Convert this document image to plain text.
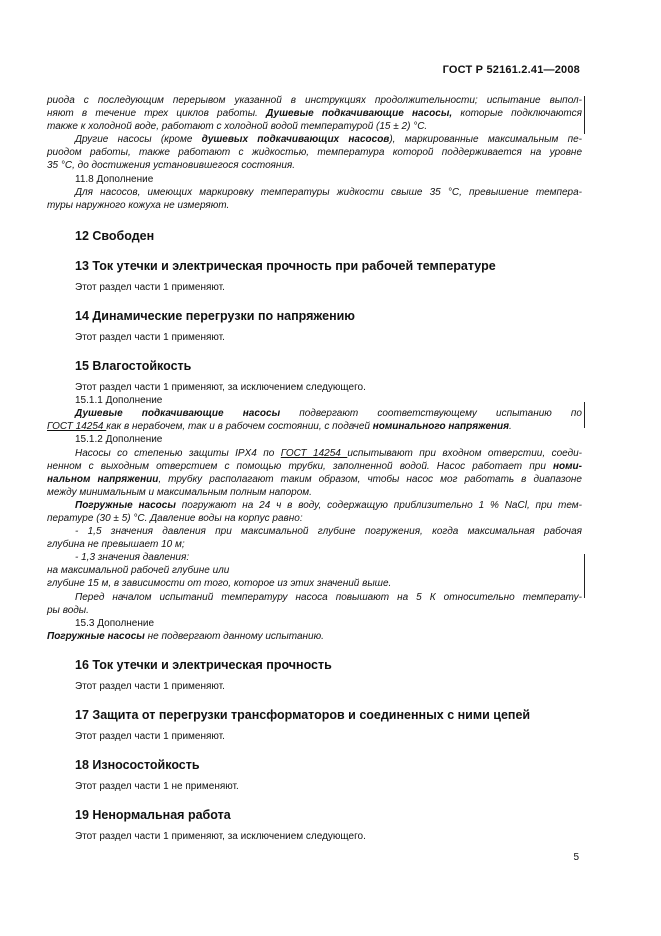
ГОСТ Р 52161.2.41—2008
риода с последующим перерывом указанной в инструкциях продолжительности; испытание выпол-
няют в течение трех циклов работы. Душевые подкачивающие насосы, которые подключаются
также к холодной воде, работают с холодной водой температурой (15 ± 2) °С.
Другие насосы (кроме душевых подкачивающих насосов), маркированные максимальным пе-
риодом работы, также работают с жидкостью, температура которой поддерживается на уровне
35 °С, до достижения установившегося состояния.
11.8 Дополнение
Для насосов, имеющих маркировку температуры жидкости свыше 35 °С, превышение темпера-
туры наружного кожуха не измеряют.
12 Свободен
13 Ток утечки и электрическая прочность при рабочей температуре
Этот раздел части 1 применяют.
14 Динамические перегрузки по напряжению
Этот раздел части 1 применяют.
15 Влагостойкость
Этот раздел части 1 применяют, за исключением следующего.
15.1.1 Дополнение
Душевые подкачивающие насосы подвергают соответствующему испытанию по
ГОСТ 14254 как в нерабочем, так и в рабочем состоянии, с подачей номинального напряжения.
15.1.2 Дополнение
Насосы со степенью защиты IPX4 по ГОСТ 14254 испытывают при входном отверстии, соеди-
ненном с выходным отверстием с помощью трубки, заполненной водой. Насос работает при номи-
нальном напряжении, трубку располагают таким образом, чтобы насос мог работать в диапазоне
между минимальным и максимальным полным напором.
Погружные насосы погружают на 24 ч в воду, содержащую приблизительно 1 % NaCl, при тем-
пературе (30 ± 5) °С. Давление воды на корпус равно:
- 1,5 значения давления при максимальной глубине погружения, когда максимальная рабочая
глубина не превышает 10 м;
- 1,3 значения давления:
на максимальной рабочей глубине или
глубине 15 м, в зависимости от того, которое из этих значений выше.
Перед началом испытаний температуру насоса повышают на 5 К относительно температу-
ры воды.
15.3 Дополнение
Погружные насосы не подвергают данному испытанию.
16 Ток утечки и электрическая прочность
Этот раздел части 1 применяют.
17 Защита от перегрузки трансформаторов и соединенных с ними цепей
Этот раздел части 1 применяют.
18 Износостойкость
Этот раздел части 1 не применяют.
19 Ненормальная работа
Этот раздел части 1 применяют, за исключением следующего.
5
